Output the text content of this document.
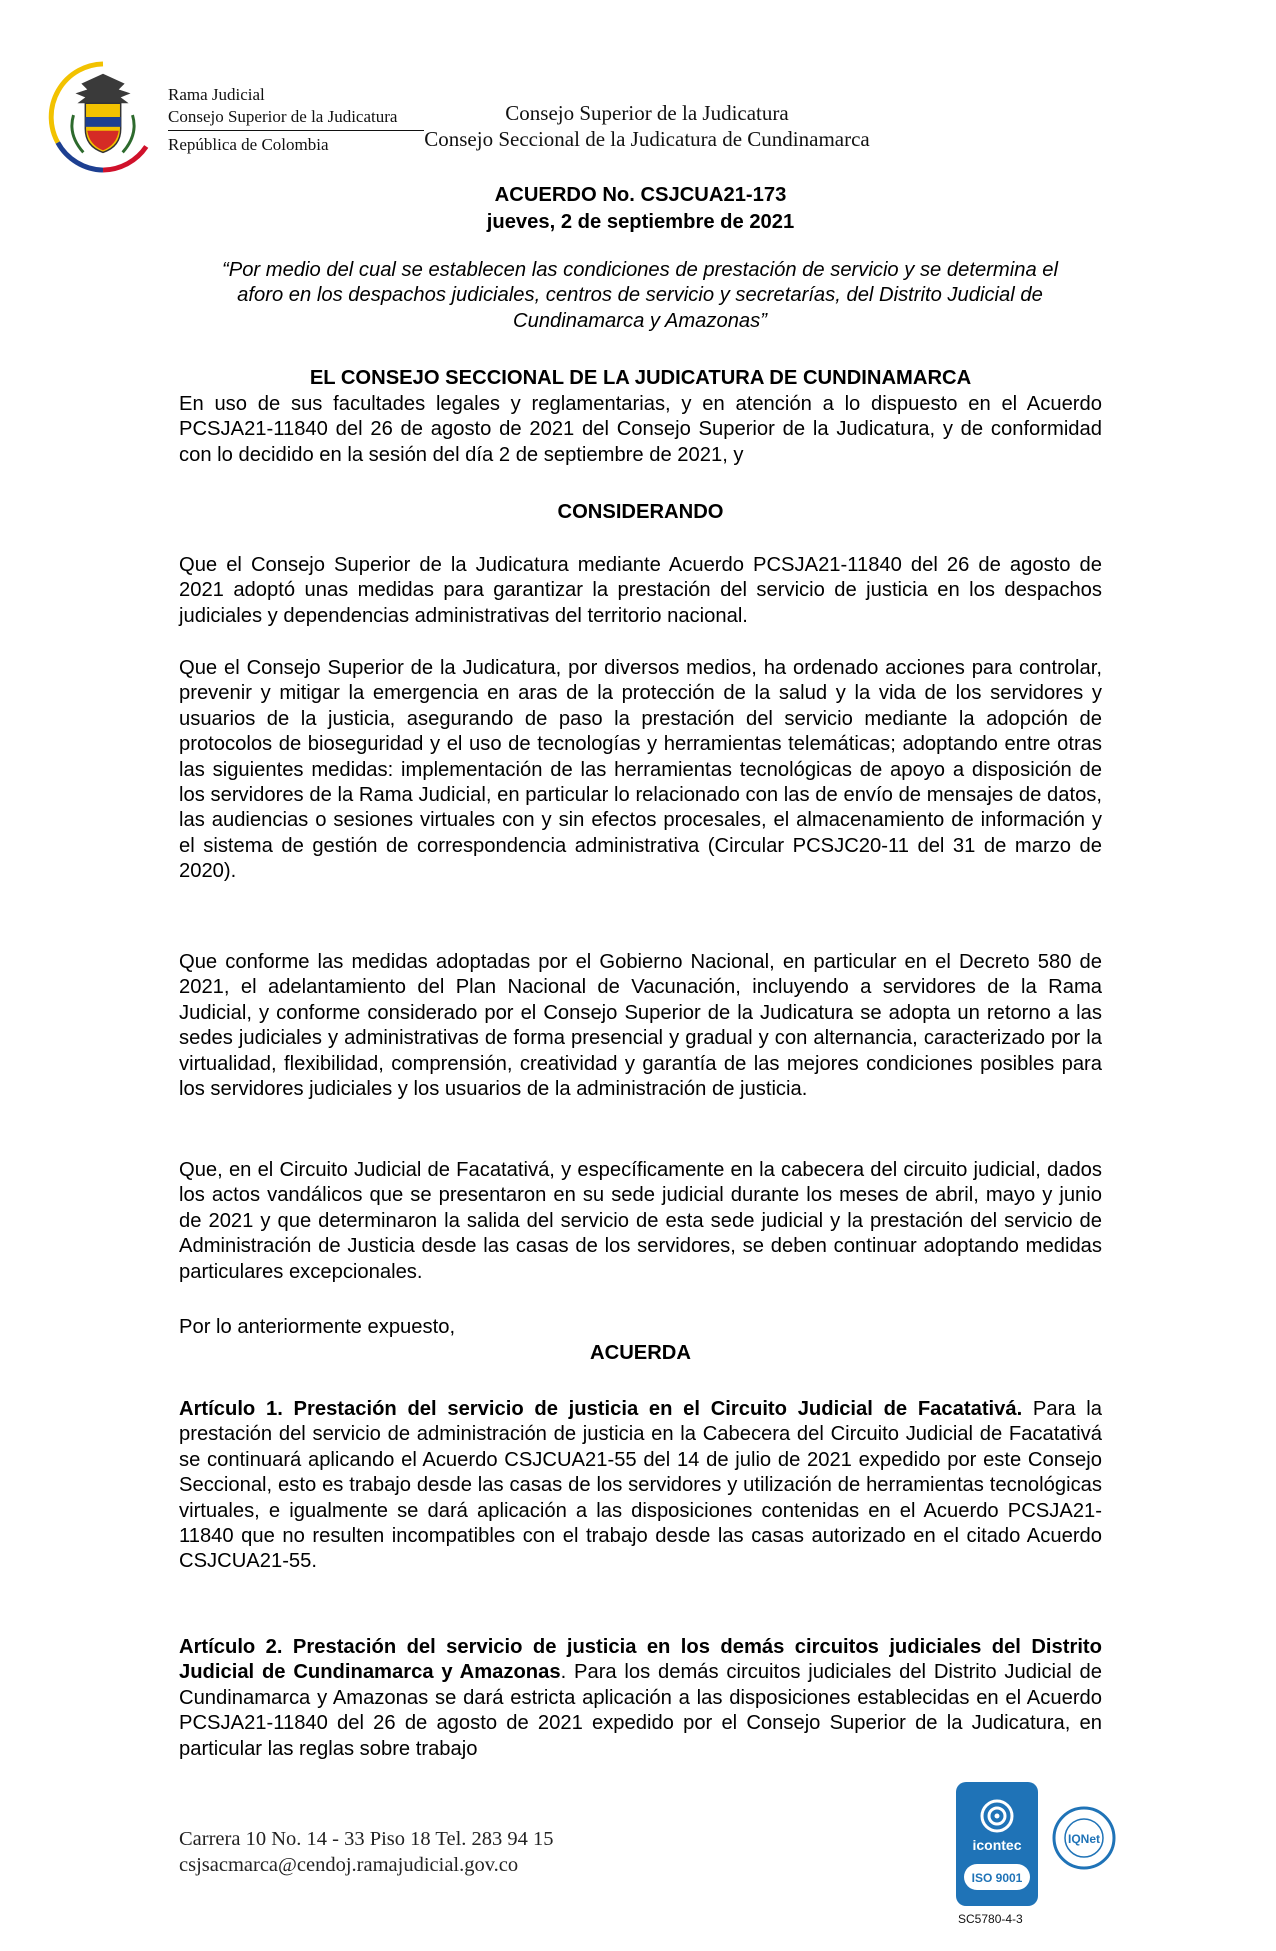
Rama Judicial
Consejo Superior de la Judicatura
República de Colombia
Consejo Superior de la Judicatura
Consejo Seccional de la Judicatura de Cundinamarca
ACUERDO No. CSJCUA21-173
jueves, 2 de septiembre de 2021
“Por medio del cual se establecen las condiciones de prestación de servicio y se determina el aforo en los despachos judiciales, centros de servicio y secretarías, del Distrito Judicial de Cundinamarca y Amazonas”
EL CONSEJO SECCIONAL DE LA JUDICATURA DE CUNDINAMARCA
En uso de sus facultades legales y reglamentarias, y en atención a lo dispuesto en el Acuerdo PCSJA21-11840 del 26 de agosto de 2021 del Consejo Superior de la Judicatura, y de conformidad con lo decidido en la sesión del día 2 de septiembre de 2021, y
CONSIDERANDO
Que el Consejo Superior de la Judicatura mediante Acuerdo PCSJA21-11840 del 26 de agosto de 2021 adoptó unas medidas para garantizar la prestación del servicio de justicia en los despachos judiciales y dependencias administrativas del territorio nacional.
Que el Consejo Superior de la Judicatura, por diversos medios, ha ordenado acciones para controlar, prevenir y mitigar la emergencia en aras de la protección de la salud y la vida de los servidores y usuarios de la justicia, asegurando de paso la prestación del servicio mediante la adopción de protocolos de bioseguridad y el uso de tecnologías y herramientas telemáticas; adoptando entre otras las siguientes medidas: implementación de las herramientas tecnológicas de apoyo a disposición de los servidores de la Rama Judicial, en particular lo relacionado con las de envío de mensajes de datos, las audiencias o sesiones virtuales con y sin efectos procesales, el almacenamiento de información y el sistema de gestión de correspondencia administrativa (Circular PCSJC20-11 del 31 de marzo de 2020).
Que conforme las medidas adoptadas por el Gobierno Nacional, en particular en el Decreto 580 de 2021, el adelantamiento del Plan Nacional de Vacunación, incluyendo a servidores de la Rama Judicial, y conforme considerado por el Consejo Superior de la Judicatura se adopta un retorno a las sedes judiciales y administrativas de forma presencial y gradual y con alternancia, caracterizado por la virtualidad, flexibilidad, comprensión, creatividad y garantía de las mejores condiciones posibles para los servidores judiciales y los usuarios de la administración de justicia.
Que, en el Circuito Judicial de Facatativá, y específicamente en la cabecera del circuito judicial, dados los actos vandálicos que se presentaron en su sede judicial durante los meses de abril, mayo y junio de 2021 y que determinaron la salida del servicio de esta sede judicial y la prestación del servicio de Administración de Justicia desde las casas de los servidores, se deben continuar adoptando medidas particulares excepcionales.
Por lo anteriormente expuesto,
ACUERDA
Artículo 1. Prestación del servicio de justicia en el Circuito Judicial de Facatativá. Para la prestación del servicio de administración de justicia en la Cabecera del Circuito Judicial de Facatativá se continuará aplicando el Acuerdo CSJCUA21-55 del 14 de julio de 2021 expedido por este Consejo Seccional, esto es trabajo desde las casas de los servidores y utilización de herramientas tecnológicas virtuales, e igualmente se dará aplicación a las disposiciones contenidas en el Acuerdo PCSJA21-11840 que no resulten incompatibles con el trabajo desde las casas autorizado en el citado Acuerdo CSJCUA21-55.
Artículo 2. Prestación del servicio de justicia en los demás circuitos judiciales del Distrito Judicial de Cundinamarca y Amazonas. Para los demás circuitos judiciales del Distrito Judicial de Cundinamarca y Amazonas se dará estricta aplicación a las disposiciones establecidas en el Acuerdo PCSJA21-11840 del 26 de agosto de 2021 expedido por el Consejo Superior de la Judicatura, en particular las reglas sobre trabajo
Carrera 10 No. 14 - 33 Piso 18 Tel. 283 94 15
csjsacmarca@cendoj.ramajudicial.gov.co
icontec
ISO 9001
IQNet
SC5780-4-3
